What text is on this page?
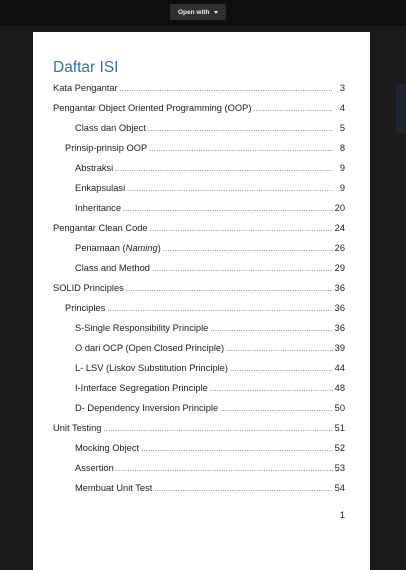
Open with
Daftar ISI
Kata Pengantar .....	3
Pengantar Object Oriented Programming (OOP) .....	4
Class dan Object .....	5
Prinsip-prinsip OOP .....	8
Abstraksi .....	9
Enkapsulasi .....	9
Inheritance .....	20
Pengantar Clean Code .....	24
Penamaan (Naming) .....	26
Class and Method .....	29
SOLID Principles .....	36
Principles .....	36
S-Single Responsibility Principle .....	36
O dari OCP (Open Closed Principle) .....	39
L- LSV (Liskov Substitution Principle) .....	44
I-Interface Segregation Principle .....	48
D- Dependency Inversion Principle .....	50
Unit Testing .....	51
Mocking Object .....	52
Assertion .....	53
Membuat Unit Test .....	54
1
